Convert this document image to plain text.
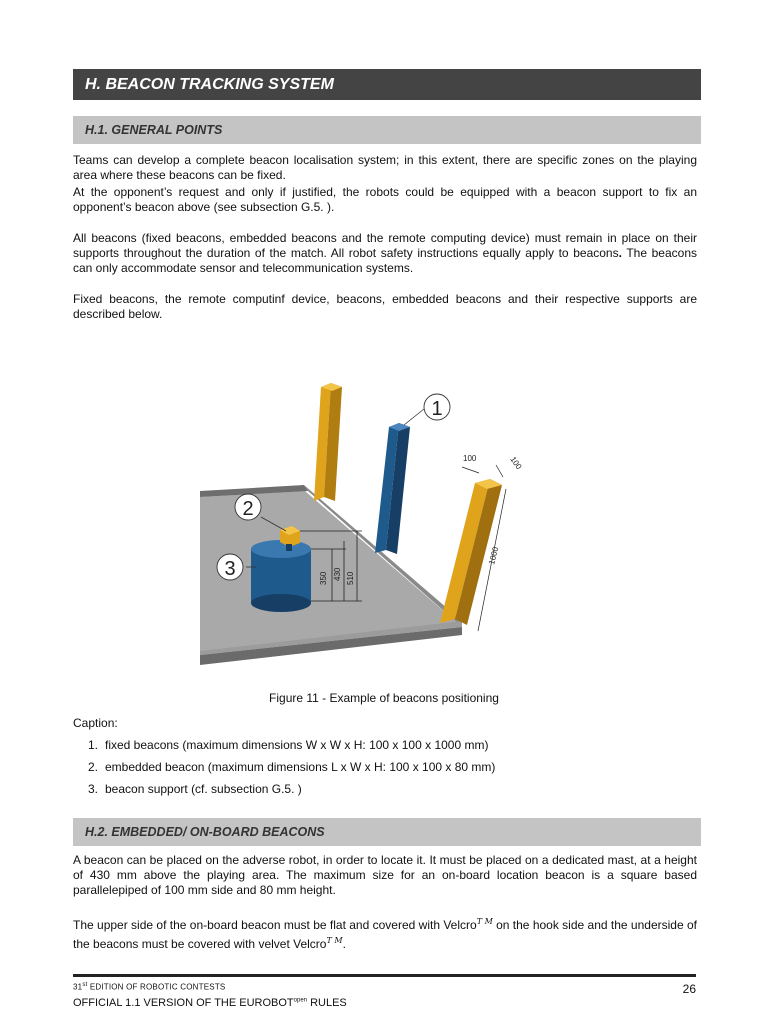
H. BEACON TRACKING SYSTEM
H.1. GENERAL POINTS

Teams can develop a complete beacon localisation system; in this extent, there are specific zones on the playing area where these beacons can be fixed.

At the opponent’s request and only if justified, the robots could be equipped with a beacon support to fix an opponent’s beacon above (see subsection G.5. ).

All beacons (fixed beacons, embedded beacons and the remote computing device) must remain in place on their supports throughout the duration of the match. All robot safety instructions equally apply to beacons. The beacons can only accommodate sensor and telecommunication systems.

Fixed beacons, the remote computinf device, beacons, embedded beacons and their respective supports are described below.

350 430 510
100	100
1000
1
2
3
Figure 11 - Example of beacons positioning
Caption:
1. fixed beacons (maximum dimensions W x W x H: 100 x 100 x 1000 mm)
2. embedded beacon (maximum dimensions L x W x H: 100 x 100 x 80 mm)
3. beacon support (cf. subsection G.5. )
H.2. EMBEDDED/ ON-BOARD BEACONS

A beacon can be placed on the adverse robot, in order to locate it. It must be placed on a dedicated mast, at a height of 430 mm above the playing area. The maximum size for an on-board location beacon is a square based parallelepiped of 100 mm side and 80 mm height.

The upper side of the on-board beacon must be flat and covered with Velcro$^{T M}$ on the hook side and the underside of the beacons must be covered with velvet Velcro$^{T M}$.

31st EDITION OF ROBOTIC CONTESTS
OFFICIAL 1.1 VERSION OF THE $EUROBOT^{open}$ RULES
26
